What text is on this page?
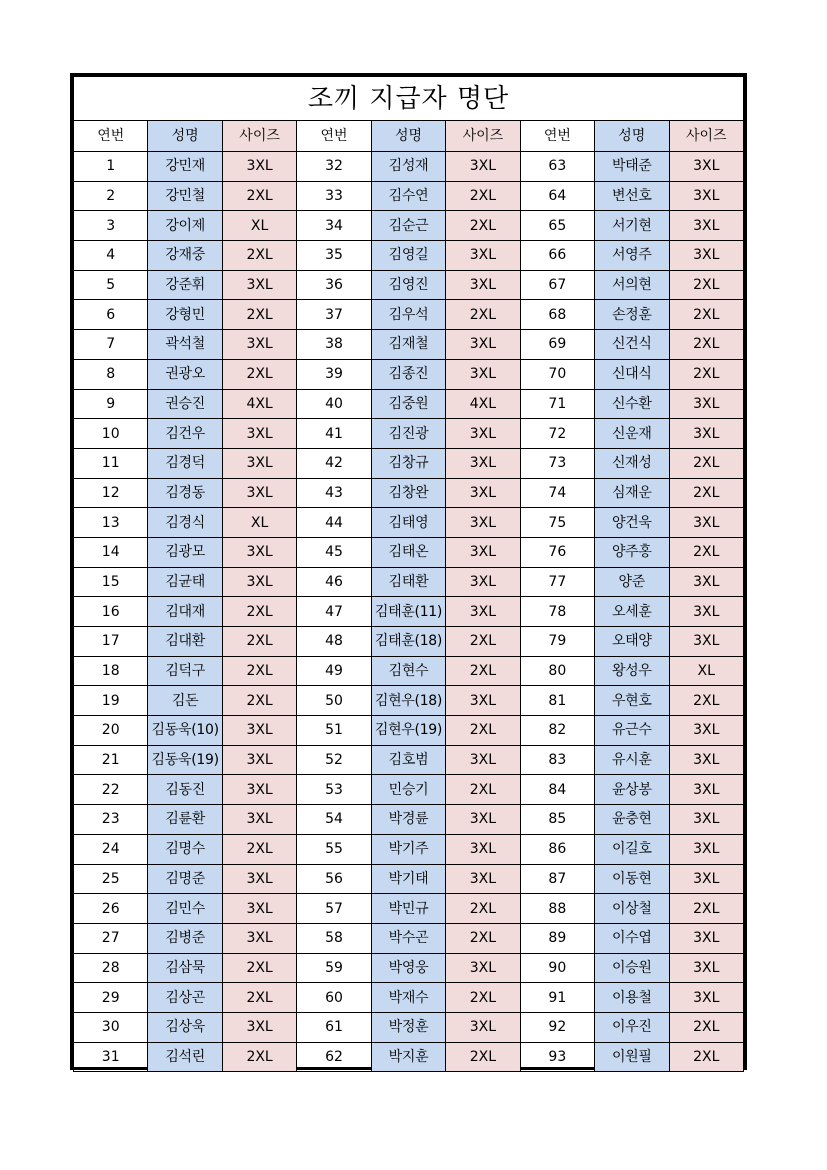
조끼 지급자 명단								
연번	성명	사이즈	연번	성명	사이즈	연번	성명	사이즈
1	강민재	3XL	32	김성재	3XL	63	박태준	3XL
2	강민철	2XL	33	김수연	2XL	64	변선호	3XL
3	강이제	XL	34	김순근	2XL	65	서기현	3XL
4	강재중	2XL	35	김영길	3XL	66	서영주	3XL
5	강준휘	3XL	36	김영진	3XL	67	서의현	2XL
6	강형민	2XL	37	김우석	2XL	68	손정훈	2XL
7	곽석철	3XL	38	김재철	3XL	69	신건식	2XL
8	권광오	2XL	39	김종진	3XL	70	신대식	2XL
9	권승진	4XL	40	김중원	4XL	71	신수환	3XL
10	김건우	3XL	41	김진광	3XL	72	신운재	3XL
11	김경덕	3XL	42	김창규	3XL	73	신재성	2XL
12	김경동	3XL	43	김창완	3XL	74	심재운	2XL
13	김경식	XL	44	김태영	3XL	75	양건욱	3XL
14	김광모	3XL	45	김태온	3XL	76	양주홍	2XL
15	김균태	3XL	46	김태환	3XL	77	양준	3XL
16	김대재	2XL	47	김태훈(11)	3XL	78	오세훈	3XL
17	김대환	2XL	48	김태훈(18)	2XL	79	오태양	3XL
18	김덕구	2XL	49	김현수	2XL	80	왕성우	XL
19	김돈	2XL	50	김현우(18)	3XL	81	우현호	2XL
20	김동욱(10)	3XL	51	김현우(19)	2XL	82	유근수	3XL
21	김동욱(19)	3XL	52	김호범	3XL	83	유시훈	3XL
22	김동진	3XL	53	민승기	2XL	84	윤상봉	3XL
23	김륜환	3XL	54	박경륜	3XL	85	윤충현	3XL
24	김명수	2XL	55	박기주	3XL	86	이길호	3XL
25	김명준	3XL	56	박기태	3XL	87	이동현	3XL
26	김민수	3XL	57	박민규	2XL	88	이상철	2XL
27	김병준	3XL	58	박수곤	2XL	89	이수엽	3XL
28	김삼묵	2XL	59	박영웅	3XL	90	이승원	3XL
29	김상곤	2XL	60	박재수	2XL	91	이용철	3XL
30	김상욱	3XL	61	박정훈	3XL	92	이우진	2XL
31	김석린	2XL	62	박지훈	2XL	93	이원필	2XL
